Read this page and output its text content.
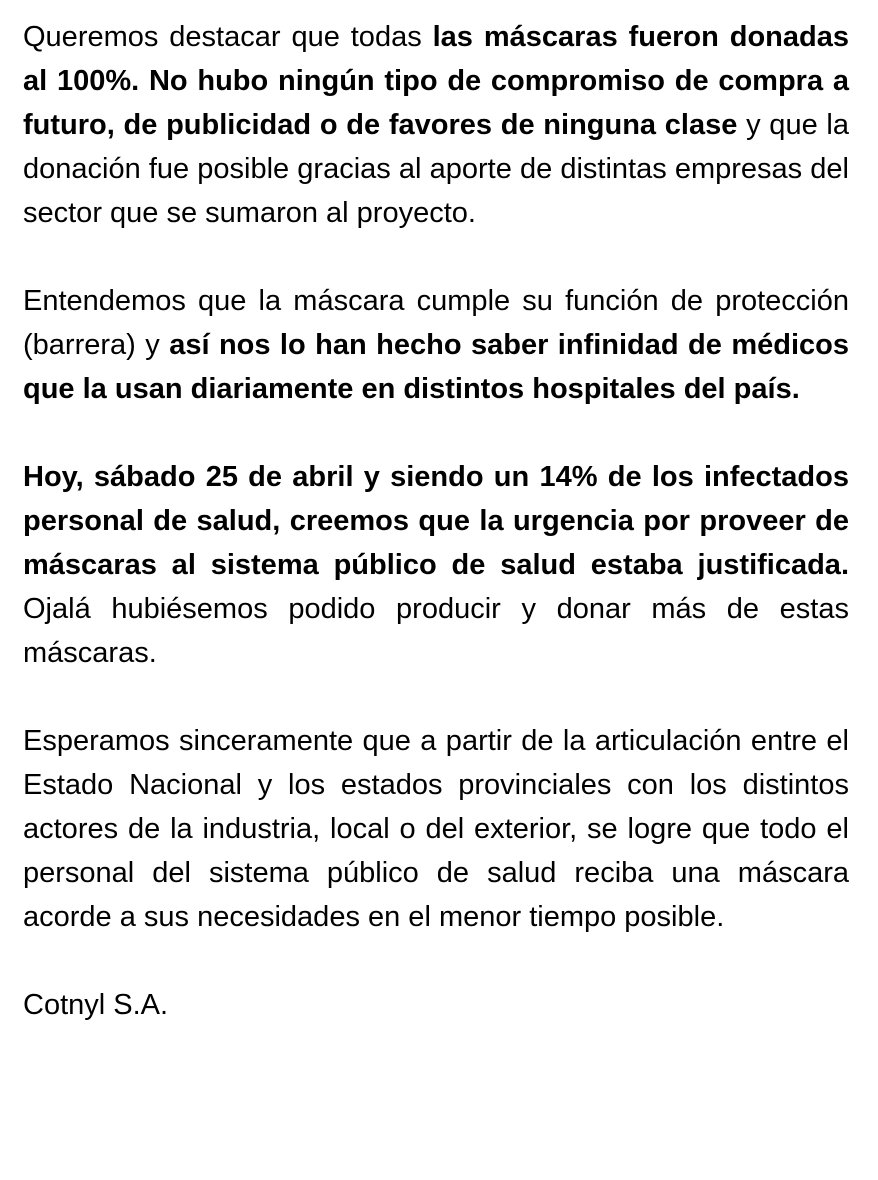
Queremos destacar que todas las máscaras fueron donadas al 100%. No hubo ningún tipo de compromiso de compra a futuro, de publicidad o de favores de ninguna clase y que la donación fue posible gracias al aporte de distintas empresas del sector que se sumaron al proyecto.

Entendemos que la máscara cumple su función de protección (barrera) y así nos lo han hecho saber infinidad de médicos que la usan diariamente en distintos hospitales del país.

Hoy, sábado 25 de abril y siendo un 14% de los infectados personal de salud, creemos que la urgencia por proveer de máscaras al sistema público de salud estaba justificada. Ojalá hubiésemos podido producir y donar más de estas máscaras.

Esperamos sinceramente que a partir de la articulación entre el Estado Nacional y los estados provinciales con los distintos actores de la industria, local o del exterior, se logre que todo el personal del sistema público de salud reciba una máscara acorde a sus necesidades en el menor tiempo posible.

Cotnyl S.A.
